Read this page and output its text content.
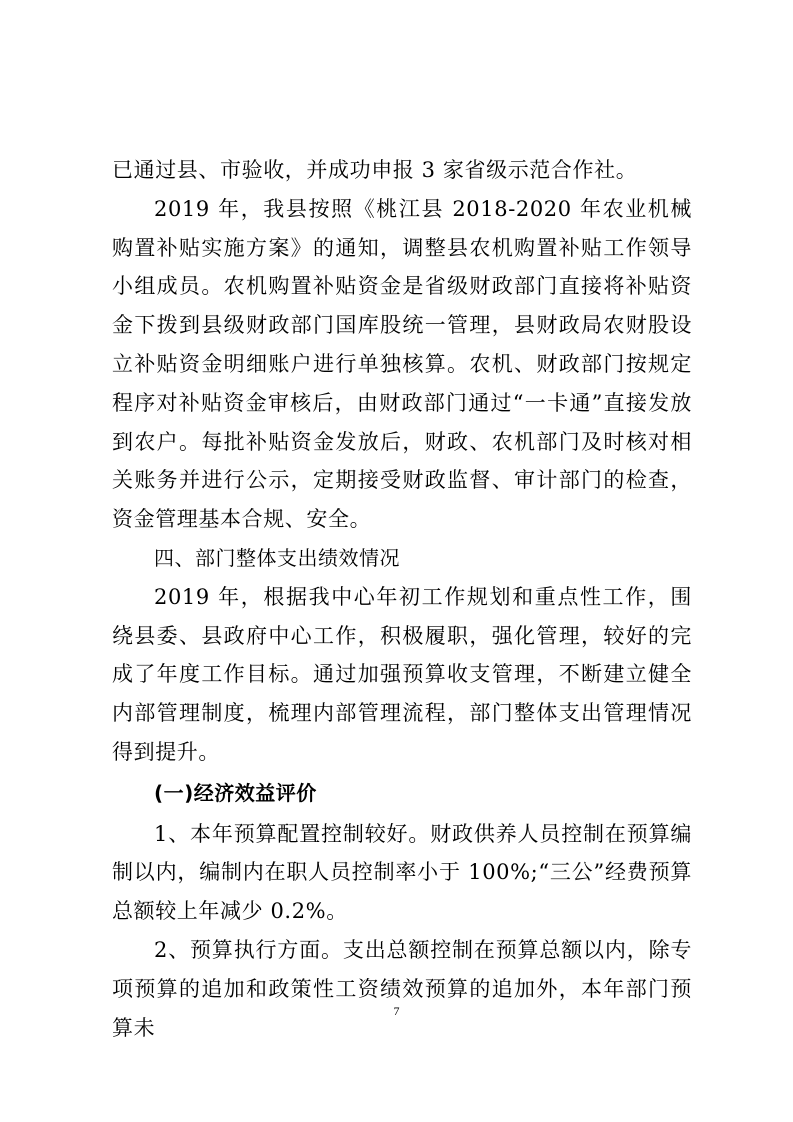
已通过县、市验收，并成功申报 3 家省级示范合作社。

2019 年，我县按照《桃江县 2018-2020 年农业机械购置补贴实施方案》的通知，调整县农机购置补贴工作领导小组成员。农机购置补贴资金是省级财政部门直接将补贴资金下拨到县级财政部门国库股统一管理，县财政局农财股设立补贴资金明细账户进行单独核算。农机、财政部门按规定程序对补贴资金审核后，由财政部门通过“一卡通”直接发放到农户。每批补贴资金发放后，财政、农机部门及时核对相关账务并进行公示，定期接受财政监督、审计部门的检查，资金管理基本合规、安全。

四、部门整体支出绩效情况

2019 年，根据我中心年初工作规划和重点性工作，围绕县委、县政府中心工作，积极履职，强化管理，较好的完成了年度工作目标。通过加强预算收支管理，不断建立健全内部管理制度，梳理内部管理流程，部门整体支出管理情况得到提升。

(一)经济效益评价

1、本年预算配置控制较好。财政供养人员控制在预算编制以内，编制内在职人员控制率小于 100%;“三公”经费预算总额较上年减少 0.2%。

2、预算执行方面。支出总额控制在预算总额以内，除专项预算的追加和政策性工资绩效预算的追加外，本年部门预算未

7
